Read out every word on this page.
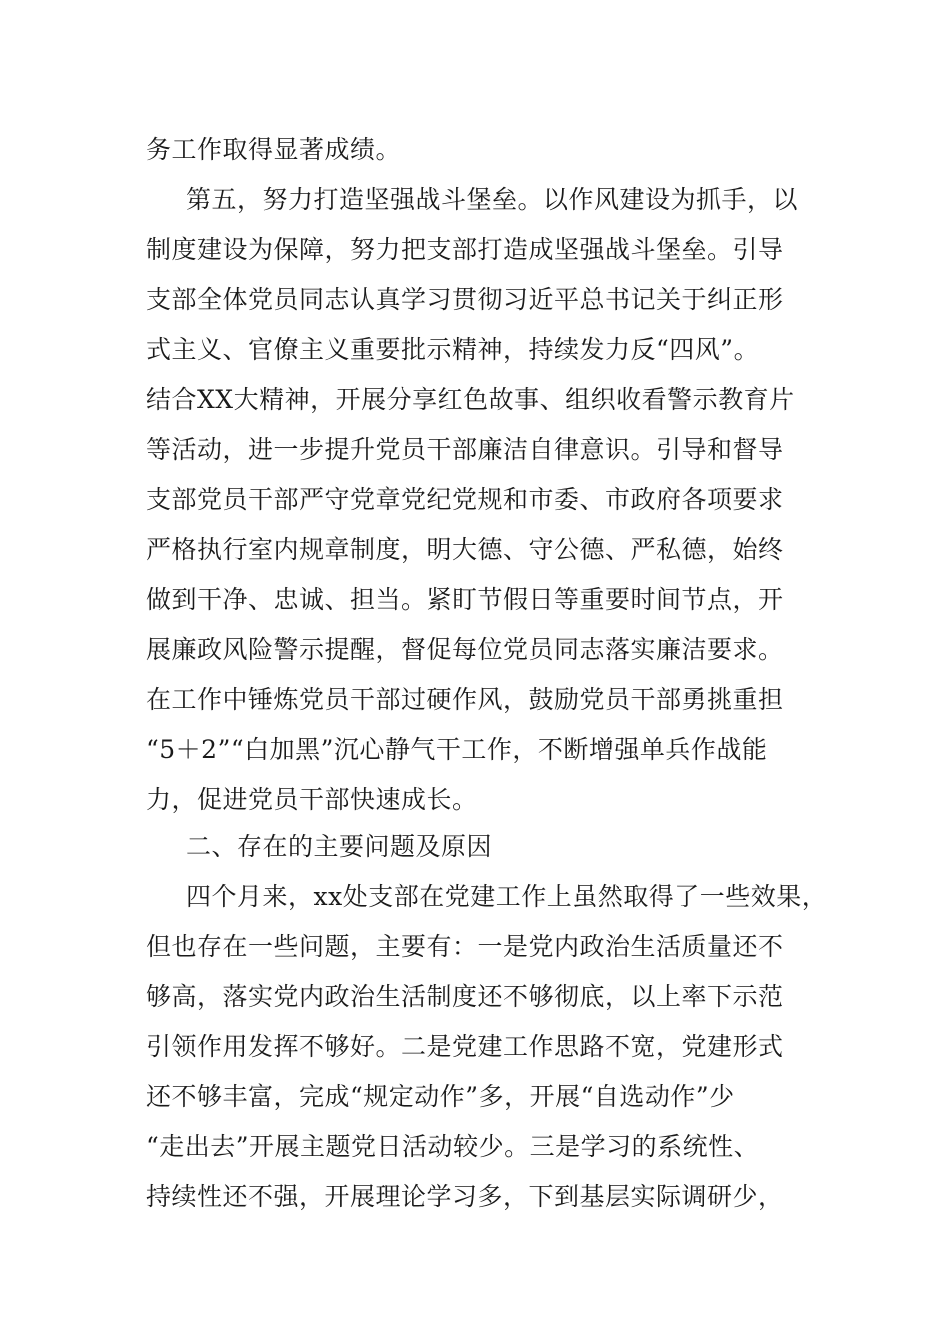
务工作取得显著成绩。
第五，努力打造坚强战斗堡垒。以作风建设为抓手，以
制度建设为保障，努力把支部打造成坚强战斗堡垒。引导
支部全体党员同志认真学习贯彻习近平总书记关于纠正形
式主义、官僚主义重要批示精神，持续发力反“四风”。
结合XX大精神，开展分享红色故事、组织收看警示教育片
等活动，进一步提升党员干部廉洁自律意识。引导和督导
支部党员干部严守党章党纪党规和市委、市政府各项要求
严格执行室内规章制度，明大德、守公德、严私德，始终
做到干净、忠诚、担当。紧盯节假日等重要时间节点，开
展廉政风险警示提醒，督促每位党员同志落实廉洁要求。
在工作中锤炼党员干部过硬作风，鼓励党员干部勇挑重担
“5＋2”“白加黑”沉心静气干工作，不断增强单兵作战能
力，促进党员干部快速成长。
二、存在的主要问题及原因
四个月来，xx处支部在党建工作上虽然取得了一些效果，
但也存在一些问题，主要有：一是党内政治生活质量还不
够高，落实党内政治生活制度还不够彻底，以上率下示范
引领作用发挥不够好。二是党建工作思路不宽，党建形式
还不够丰富，完成“规定动作”多，开展“自选动作”少
“走出去”开展主题党日活动较少。三是学习的系统性、
持续性还不强，开展理论学习多，下到基层实际调研少，
